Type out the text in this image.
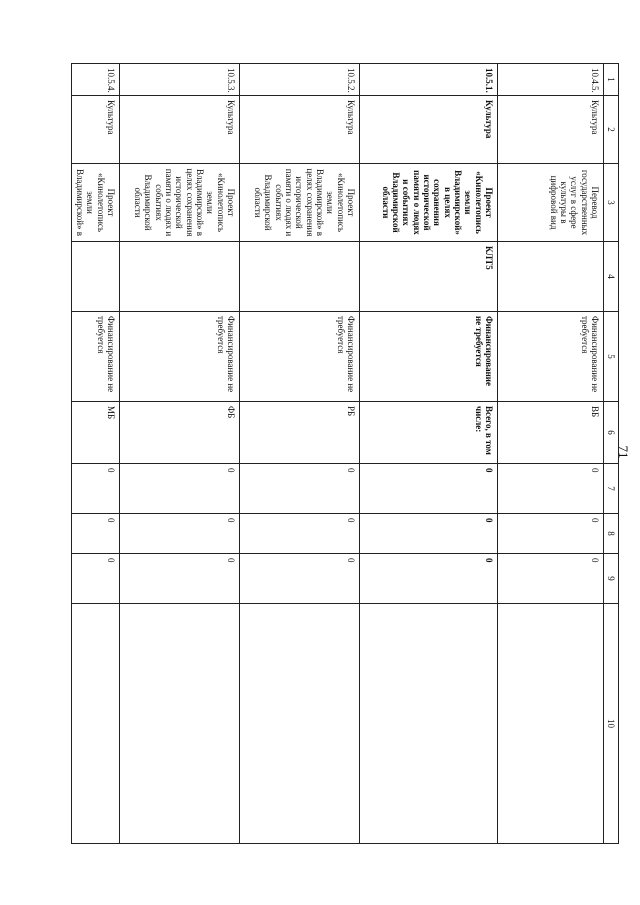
71
1	2	3	4	5	6	7	8	9	10
10.4.5.	Культура	Перевод государственных услуг в сфере культуры в цифровой вид		Финансирование не требуется	ВБ	0	0	0	
10.5.1.	Культура	Проект «Кинолетопись земли Владимирской» в целях сохранения исторической памяти о людях и событиях Владимирской области	КЛТ5	Финансирование не требуется	Всего, в том числе:	0	0	0	
10.5.2.	Культура	Проект «Кинолетопись земли Владимирской» в целях сохранения исторической памяти о людях и событиях Владимирской области		Финансирование не требуется	РБ	0	0	0	
10.5.3.	Культура	Проект «Кинолетопись земли Владимирской» в целях сохранения исторической памяти о людях и событиях Владимирской области		Финансирование не требуется	ФБ	0	0	0	
10.5.4.	Культура	Проект «Кинолетопись земли Владимирской» в		Финансирование не требуется	МБ	0	0	0	
